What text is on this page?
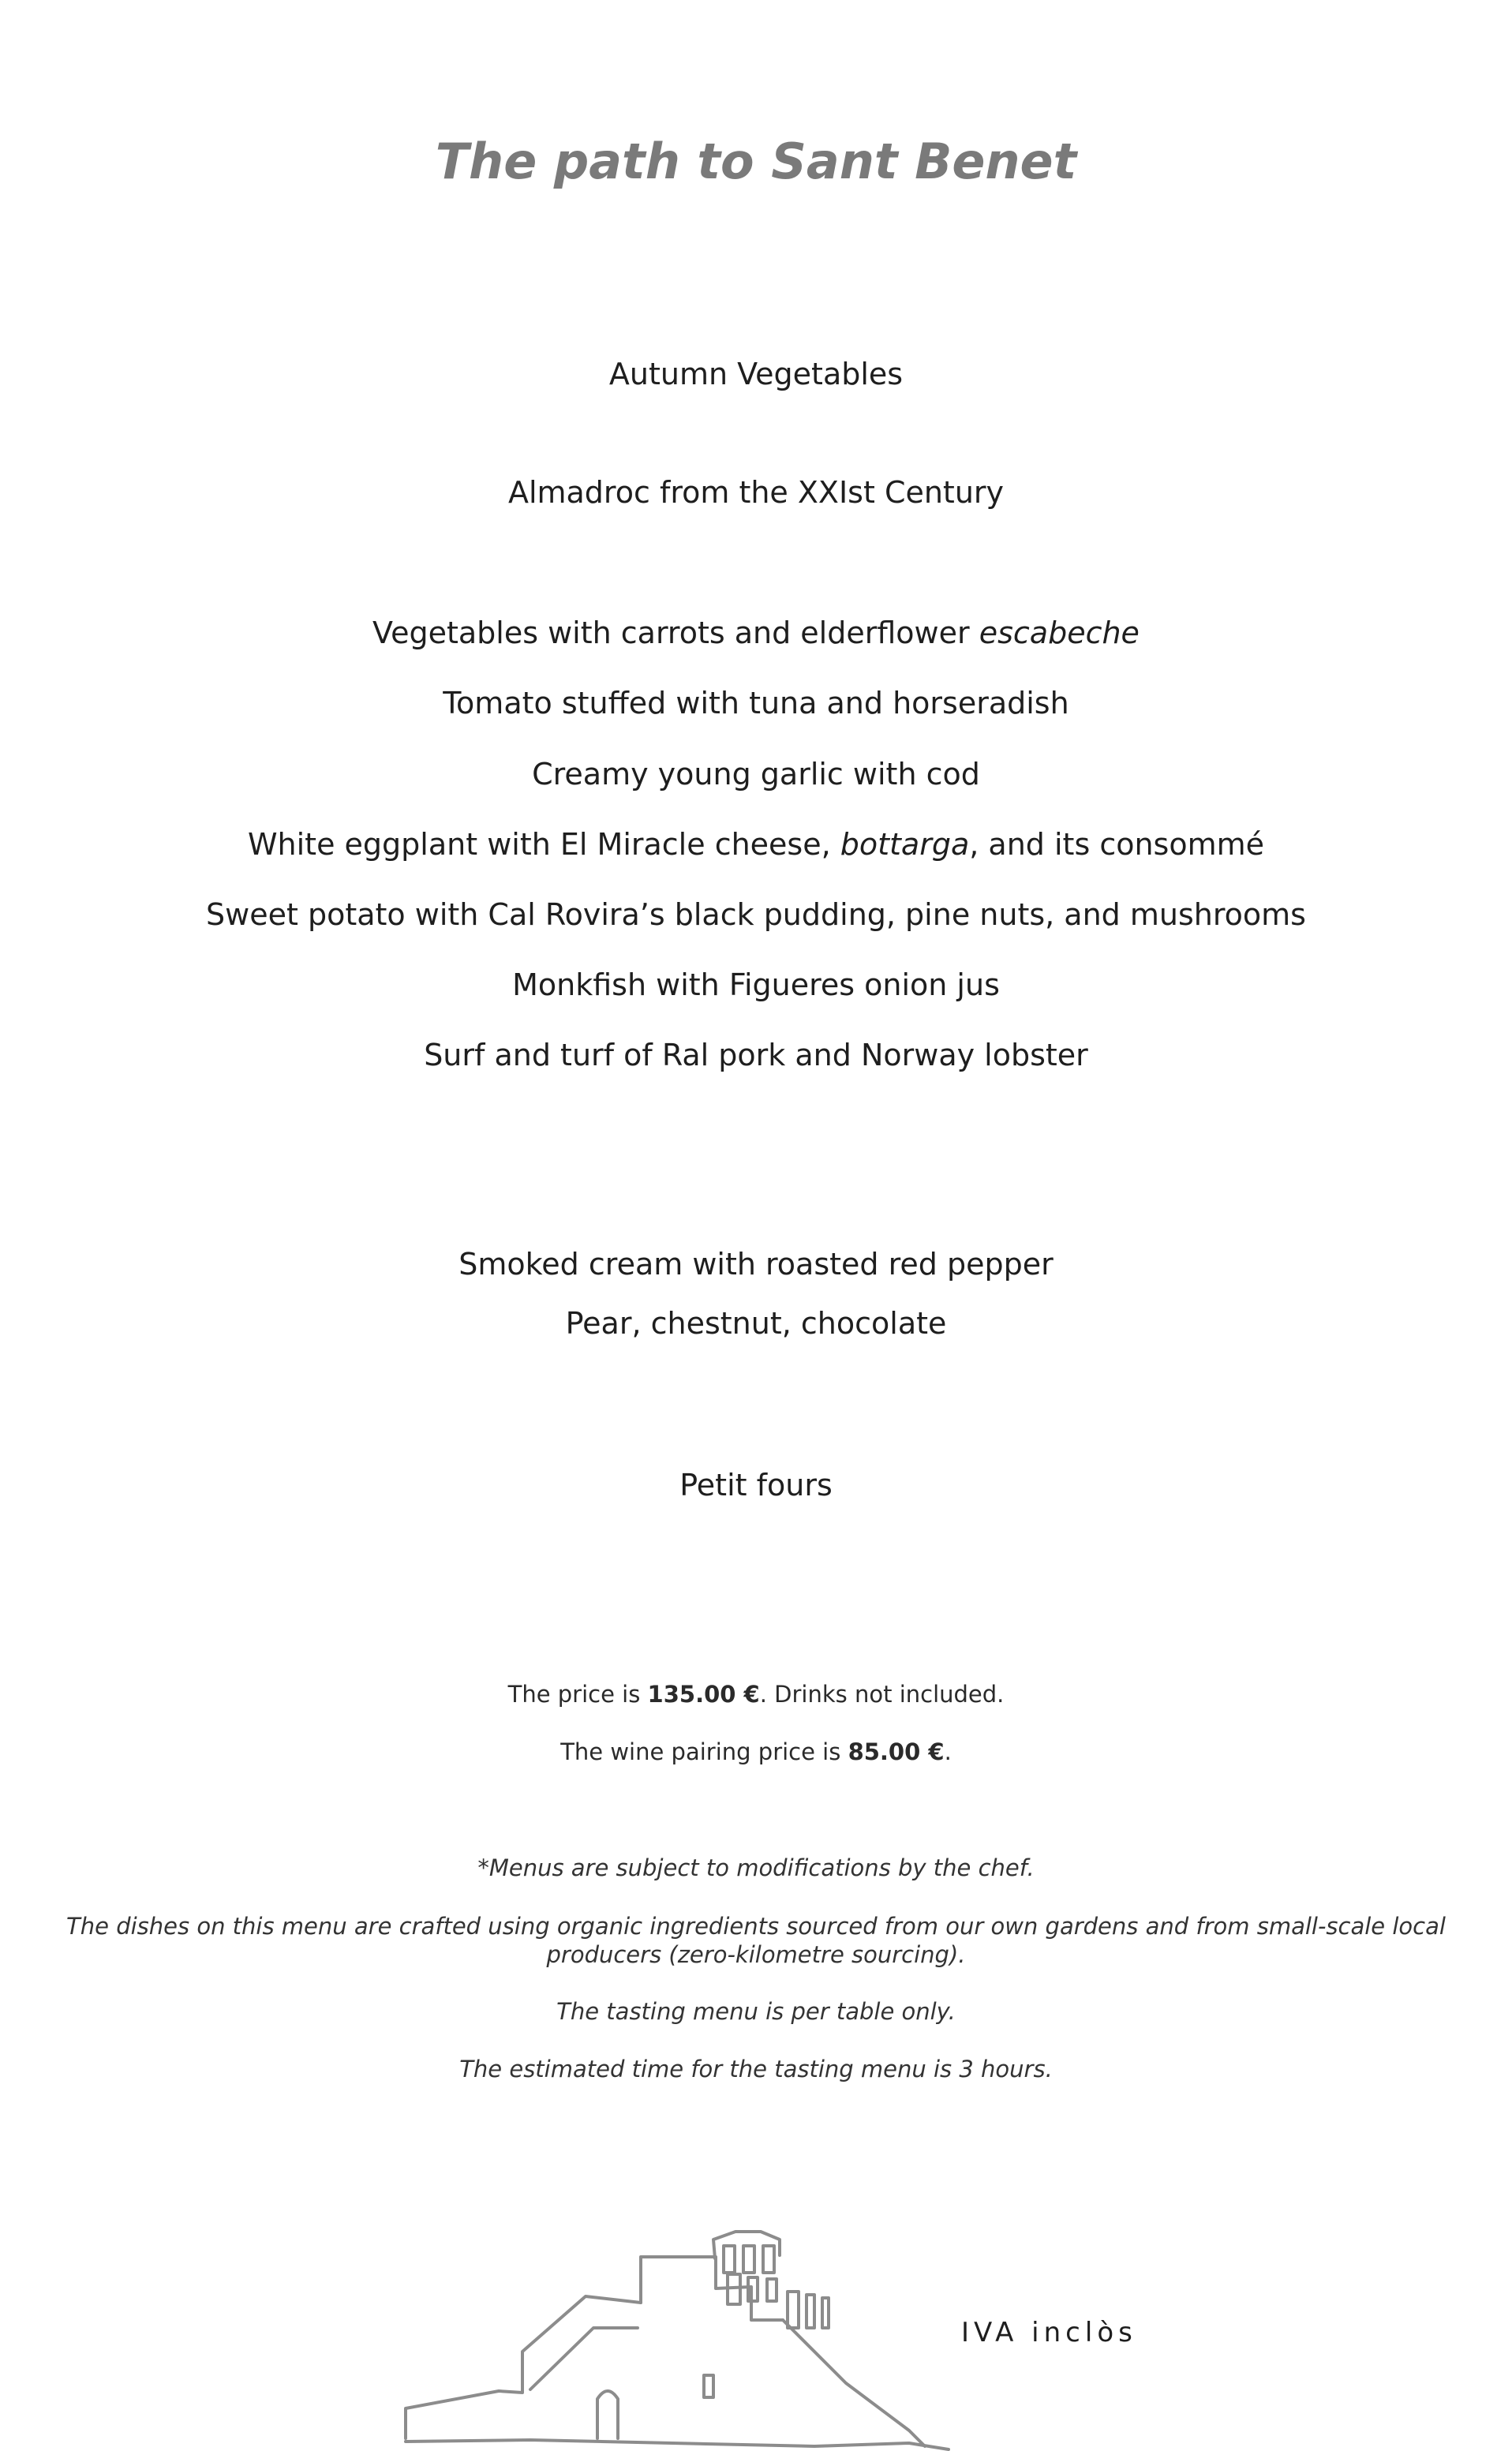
The path to Sant Benet
Autumn Vegetables
Almadroc from the XXIst Century
Vegetables with carrots and elderflower escabeche
Tomato stuffed with tuna and horseradish
Creamy young garlic with cod
White eggplant with El Miracle cheese, bottarga, and its consommé
Sweet potato with Cal Rovira’s black pudding, pine nuts, and mushrooms
Monkfish with Figueres onion jus
Surf and turf of Ral pork and Norway lobster
Smoked cream with roasted red pepper
Pear, chestnut, chocolate
Petit fours
The price is 135.00 €. Drinks not included.
The wine pairing price is 85.00 €.
*Menus are subject to modifications by the chef.
The dishes on this menu are crafted using organic ingredients sourced from our own gardens and from small-scale local producers (zero-kilometre sourcing).
The tasting menu is per table only.
The estimated time for the tasting menu is 3 hours.
IVA inclòs
